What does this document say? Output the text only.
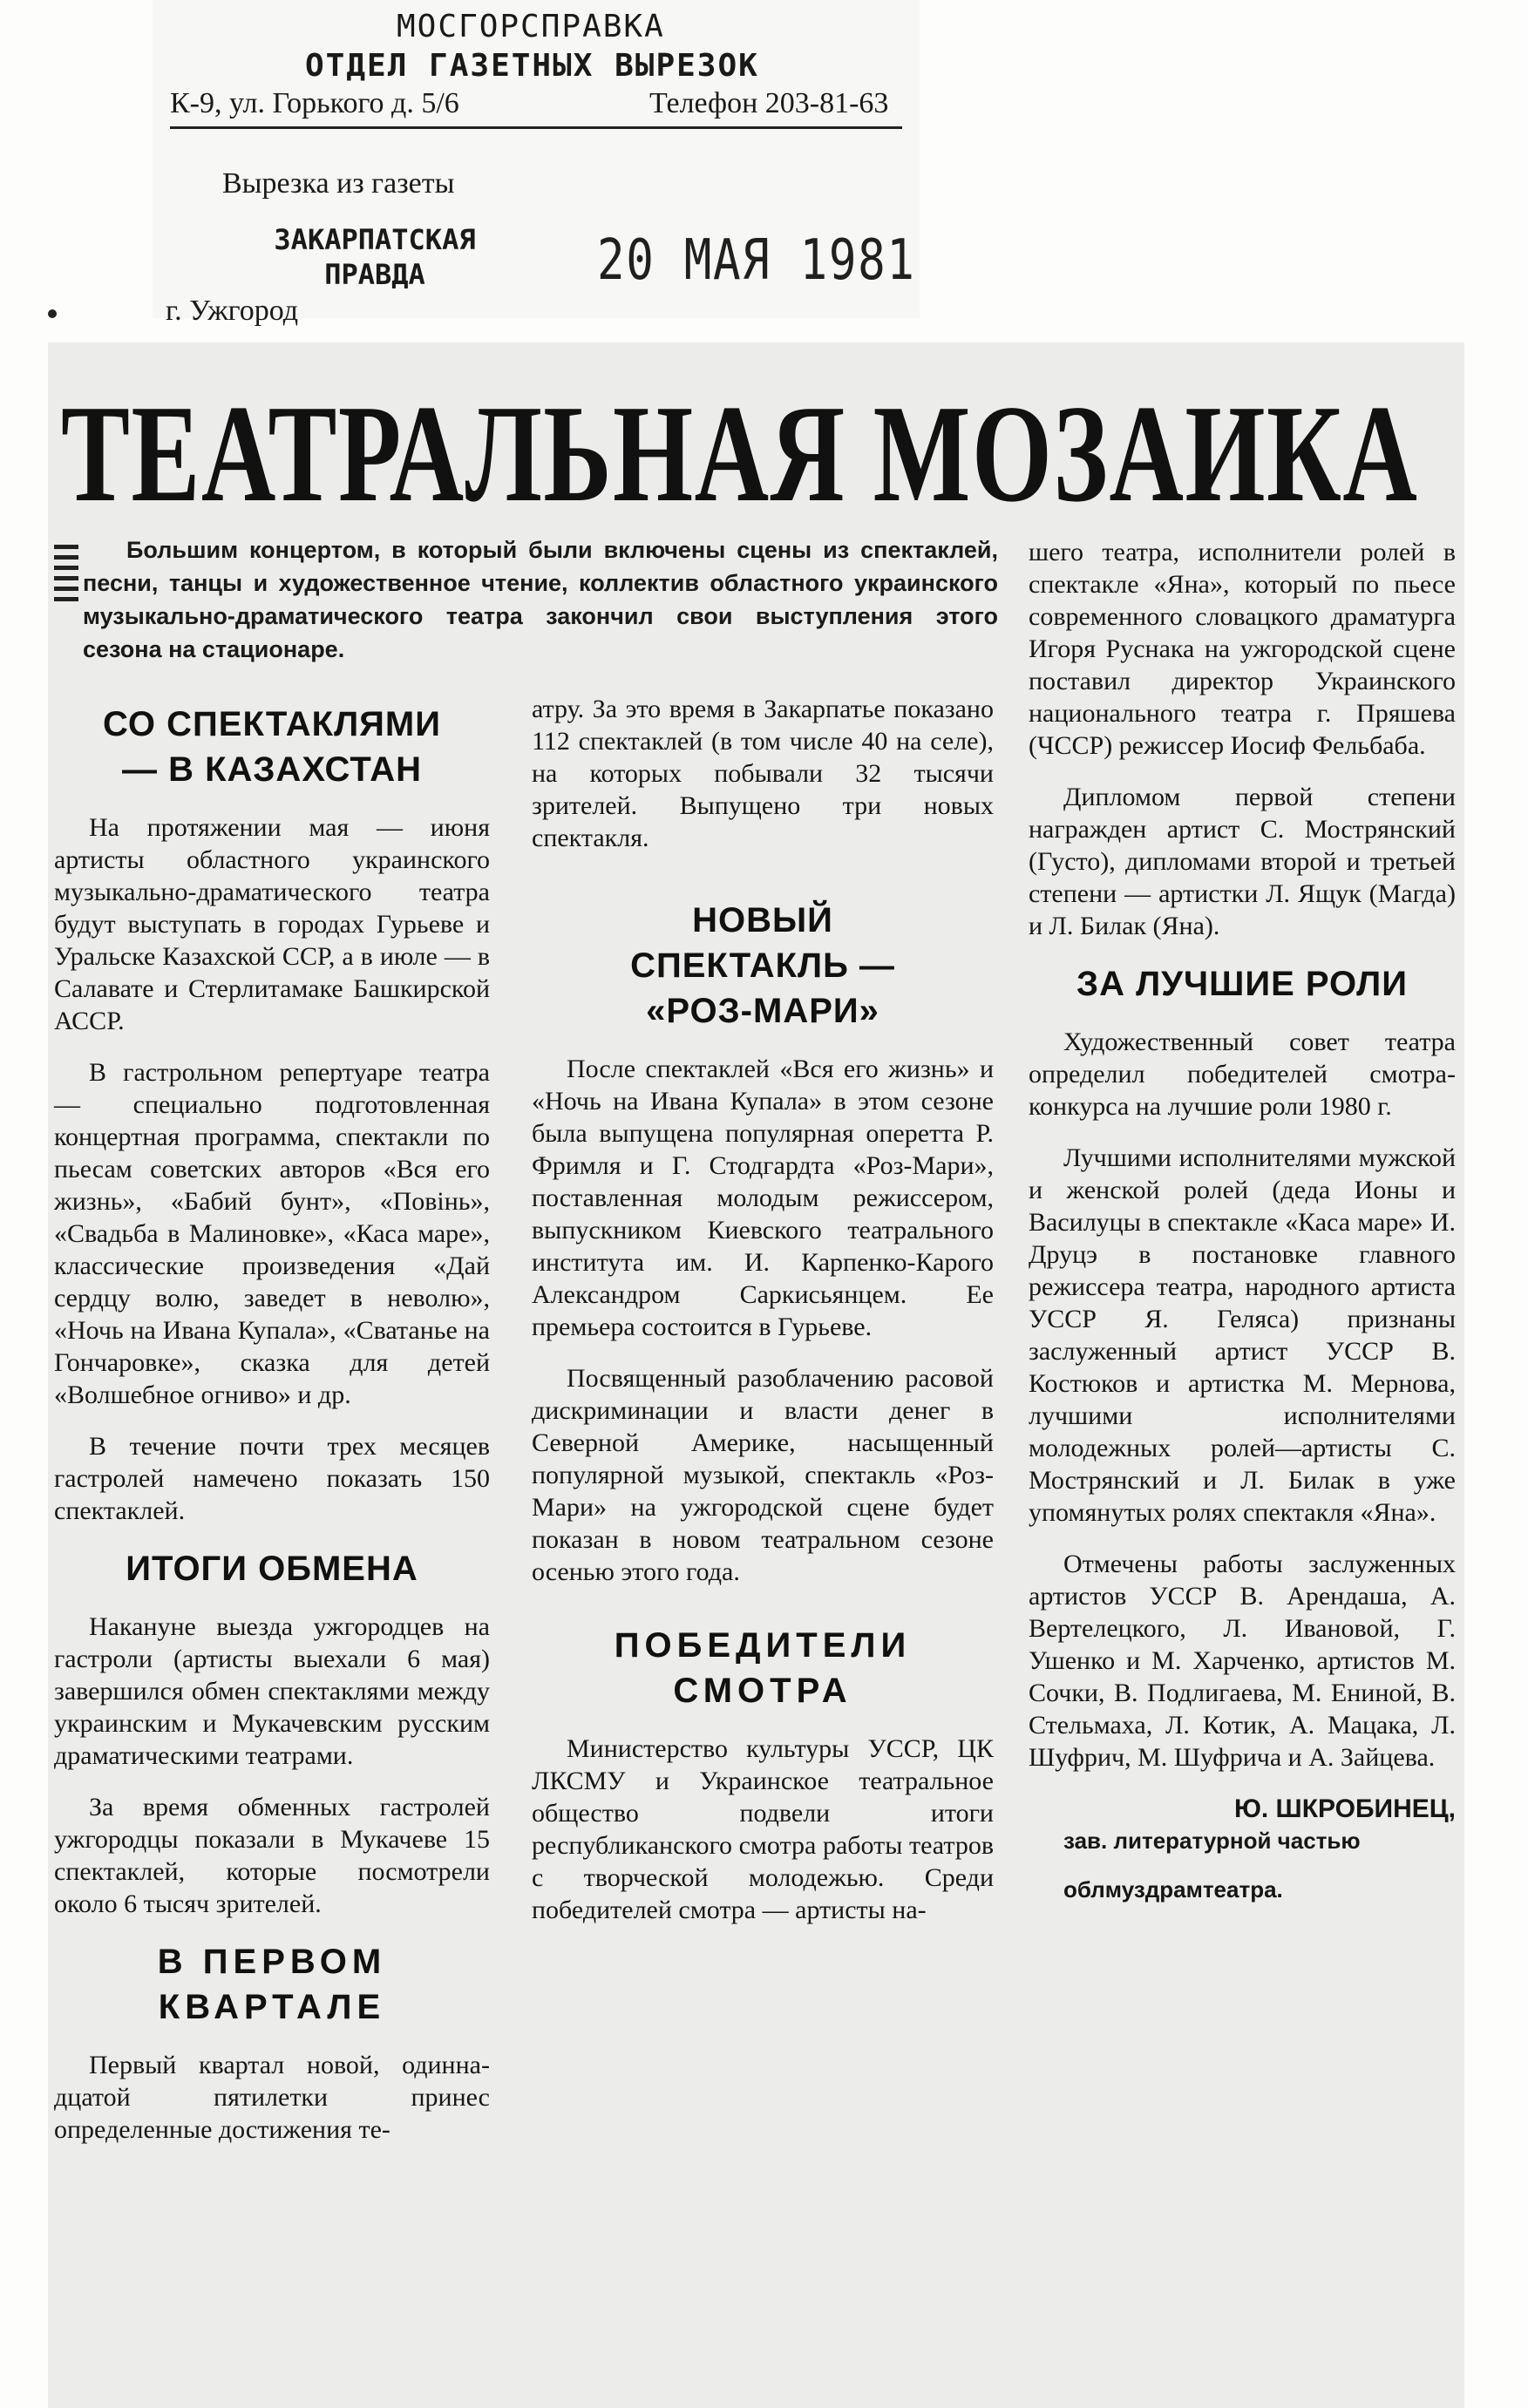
МОСГОРСПРАВКА
ОТДЕЛ ГАЗЕТНЫХ ВЫРЕЗОК
К-9, ул. Горького д. 5/6	Телефон 203-81-63
Вырезка из газеты
ЗАКАРПАТСКАЯ ПРАВДА
г. Ужгород
20 МАЯ 1981
ТЕАТРАЛЬНАЯ МОЗАИКА

Большим концертом, в который были включены сцены из спектаклей, песни, танцы и художественное чтение, коллектив областного украинского музыкально-драматического театра закончил свои выступления этого сезона на стационаре.

СО СПЕКТАКЛЯМИ
— В КАЗАХСТАН

На протяжении мая — июня артисты областного украинского музыкально-драматического театра будут выступать в городах Гурьеве и Уральске Казахской ССР, а в июле — в Салавате и Стерлитамаке Башкирской АССР.

В гастрольном репертуаре театра — специально подготовленная концертная программа, спектакли по пьесам советских авторов «Вся его жизнь», «Бабий бунт», «Повiнь», «Свадьба в Малиновке», «Каса маре», классические произведения «Дай сердцу волю, заведет в неволю», «Ночь на Ивана Купала», «Сватанье на Гончаровке», сказка для детей «Волшебное огниво» и др.

В течение почти трех месяцев гастролей намечено показать 150 спектаклей.

ИТОГИ ОБМЕНА

Накануне выезда ужгородцев на гастроли (артисты выехали 6 мая) завершился обмен спектаклями между украинским и Мукачевским русским драматическими театрами.

За время обменных гастролей ужгородцы показали в Мукачеве 15 спектаклей, которые посмотрели около 6 тысяч зрителей.

В ПЕРВОМ
КВАРТАЛЕ

Первый квартал новой, одиннадцатой пятилетки принес определенные достижения те-

атру. За это время в Закарпатье показано 112 спектаклей (в том числе 40 на селе), на которых побывали 32 тысячи зрителей. Выпущено три новых спектакля.

НОВЫЙ
СПЕКТАКЛЬ —
«РОЗ-МАРИ»

После спектаклей «Вся его жизнь» и «Ночь на Ивана Купала» в этом сезоне была выпущена популярная оперетта Р. Фримля и Г. Стодгардта «Роз-Мари», поставленная молодым режиссером, выпускником Киевского театрального института им. И. Карпенко-Карого Александром Саркисьянцем. Ее премьера состоится в Гурьеве.

Посвященный разоблачению расовой дискриминации и власти денег в Северной Америке, насыщенный популярной музыкой, спектакль «Роз-Мари» на ужгородской сцене будет показан в новом театральном сезоне осенью этого года.

ПОБЕДИТЕЛИ
СМОТРА

Министерство культуры УССР, ЦК ЛКСМУ и Украинское театральное общество подвели итоги республиканского смотра работы театров с творческой молодежью. Среди победителей смотра — артисты на-

шего театра, исполнители ролей в спектакле «Яна», который по пьесе современного словацкого драматурга Игоря Руснака на ужгородской сцене поставил директор Украинского национального театра г. Пряшева (ЧССР) режиссер Иосиф Фельбаба.

Дипломом первой степени награжден артист С. Мострянский (Густо), дипломами второй и третьей степени — артистки Л. Ящук (Магда) и Л. Билак (Яна).

ЗА ЛУЧШИЕ РОЛИ

Художественный совет театра определил победителей смотра-конкурса на лучшие роли 1980 г.

Лучшими исполнителями мужской и женской ролей (деда Ионы и Василуцы в спектакле «Каса маре» И. Друцэ в постановке главного режиссера театра, народного артиста УССР Я. Геляса) признаны заслуженный артист УССР В. Костюков и артистка М. Мернова, лучшими исполнителями молодежных ролей—артисты С. Мострянский и Л. Билак в уже упомянутых ролях спектакля «Яна».

Отмечены работы заслуженных артистов УССР В. Арендаша, А. Вертелецкого, Л. Ивановой, Г. Ушенко и М. Харченко, артистов М. Сочки, В. Подлигаева, М. Ениной, В. Стельмаха, Л. Котик, А. Мацака, Л. Шуфрич, М. Шуфрича и А. Зайцева.

Ю. ШКРОБИНЕЦ,

зав. литературной частью

облмуздрамтеатра.
